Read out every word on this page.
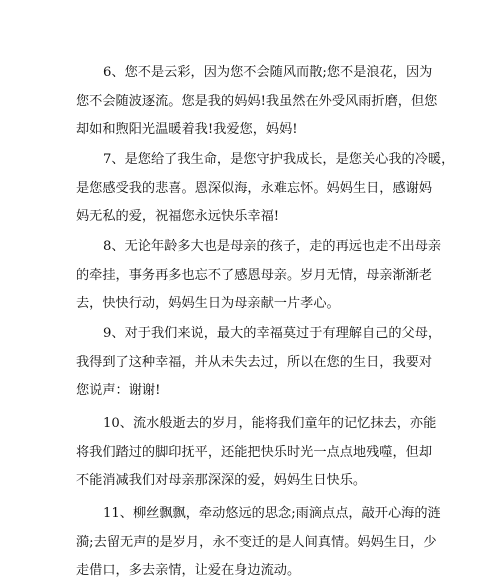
6、您不是云彩，因为您不会随风而散;您不是浪花，因为
您不会随波逐流。您是我的妈妈!我虽然在外受风雨折磨，但您
却如和煦阳光温暖着我!我爱您，妈妈!
7、是您给了我生命，是您守护我成长，是您关心我的冷暖，
是您感受我的悲喜。恩深似海，永难忘怀。妈妈生日，感谢妈
妈无私的爱，祝福您永远快乐幸福!
8、无论年龄多大也是母亲的孩子，走的再远也走不出母亲
的牵挂，事务再多也忘不了感恩母亲。岁月无情，母亲渐渐老
去，快快行动，妈妈生日为母亲献一片孝心。
9、对于我们来说，最大的幸福莫过于有理解自己的父母，
我得到了这种幸福，并从未失去过，所以在您的生日，我要对
您说声：谢谢!
10、流水般逝去的岁月，能将我们童年的记忆抹去，亦能
将我们踏过的脚印抚平，还能把快乐时光一点点地残噬，但却
不能消减我们对母亲那深深的爱，妈妈生日快乐。
11、柳丝飘飘，牵动悠远的思念;雨滴点点，敲开心海的涟
漪;去留无声的是岁月，永不变迁的是人间真情。妈妈生日，少
走借口，多去亲情，让爱在身边流动。
